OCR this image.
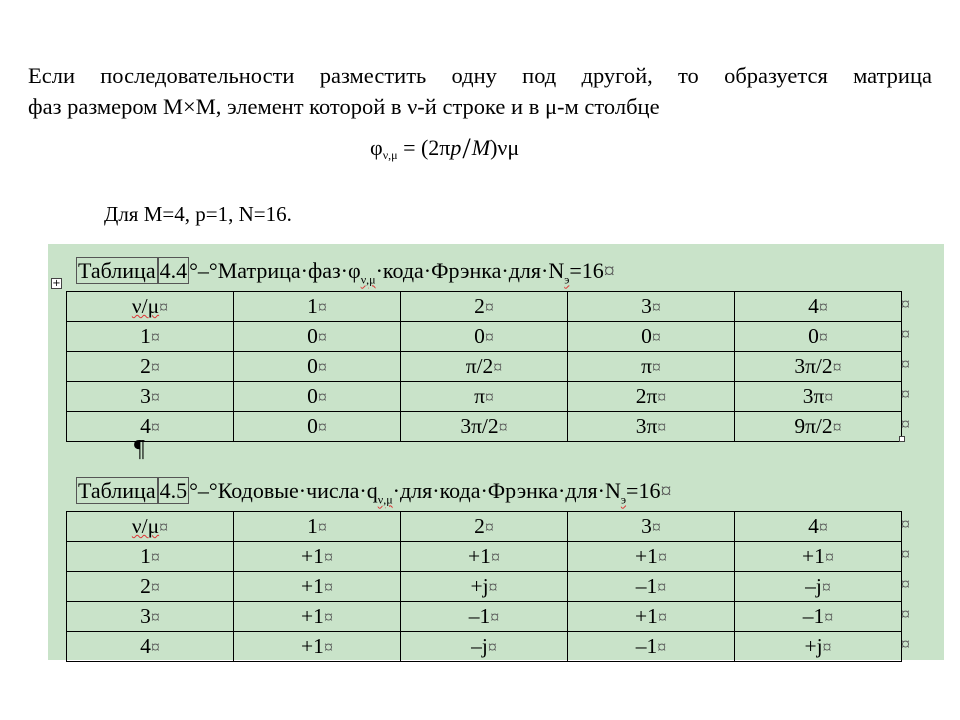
Если последовательности разместить одну под другой, то образуется матрица
фаз размером M×M, элемент которой в ν-й строке и в μ-м столбце
$\varphi_{\nu,\mu} = (2\pi p/M)\nu\mu$
Для M=4, p=1, N=16.
+
Таблица $4.4^\circ-^\circ Матрица\cdot фаз\cdot\varphi_{\nu,\mu}\cdot кода\cdot Фрэнка\cdot для\cdot N_э=16¤$
ν/μ¤	1¤	2¤	3¤	4¤
1¤	0¤	0¤	0¤	0¤
2¤	0¤	π/2¤	π¤	3π/2¤
3¤	0¤	π¤	2π¤	3π¤
4¤	0¤	3π/2¤	3π¤	9π/2¤
¶
Таблица $4.5^\circ-^\circ Кодовые\cdot числа\cdot q_{\nu,\mu}\cdot для\cdot кода\cdot Фрэнка\cdot для\cdot N_э=16¤$
ν/μ¤	1¤	2¤	3¤	4¤
1¤	+1¤	+1¤	+1¤	+1¤
2¤	+1¤	+j¤	–1¤	–j¤
3¤	+1¤	–1¤	+1¤	–1¤
4¤	+1¤	–j¤	–1¤	+j¤
¤
¤
¤
¤
¤
¤
¤
¤
¤
¤
